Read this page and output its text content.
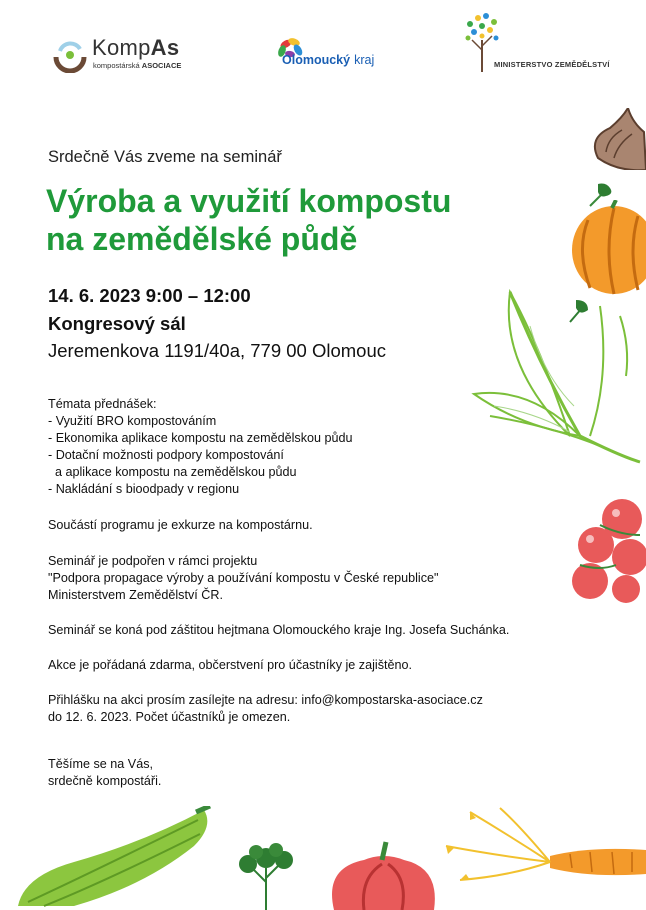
KompAs
kompostárská ASOCIACE	Olomoucký kraj	MINISTERSTVO ZEMĚDĚLSTVÍ
Srdečně Vás zveme na seminář
Výroba a využití kompostu
na zemědělské půdě
14. 6. 2023 9:00 – 12:00
Kongresový sál
Jeremenkova 1191/40a, 779 00 Olomouc
Témata přednášek:
- Využití BRO kompostováním
- Ekonomika aplikace kompostu na zemědělskou půdu
- Dotační možnosti podpory kompostování
a aplikace kompostu na zemědělskou půdu
- Nakládání s bioodpady v regionu
Součástí programu je exkurze na kompostárnu.
Seminář je podpořen v rámci projektu
"Podpora propagace výroby a používání kompostu v České republice"
Ministerstvem Zemědělství ČR.
Seminář se koná pod záštitou hejtmana Olomouckého kraje Ing. Josefa Suchánka.
Akce je pořádaná zdarma, občerstvení pro účastníky je zajištěno.
Přihlášku na akci prosím zasílejte na adresu: info@kompostarska-asociace.cz
do 12. 6. 2023. Počet účastníků je omezen.
Těšíme se na Vás,
srdečně kompostáři.
